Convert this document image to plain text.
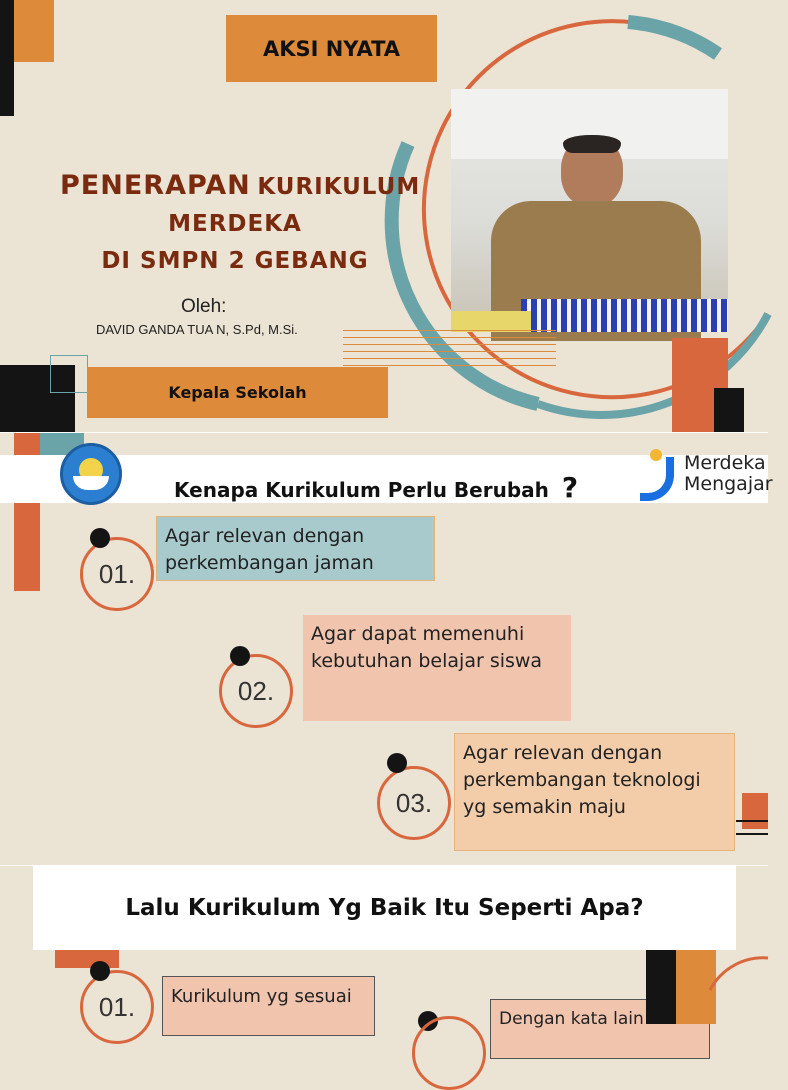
AKSI NYATA
PENERAPAN KURIKULUM
MERDEKA
DI SMPN 2 GEBANG
Oleh:
DAVID GANDA TUA N, S.Pd, M.Si.
Kepala Sekolah
Kenapa Kurikulum Perlu Berubah ?
Merdeka
Mengajar
01.
Agar relevan dengan perkembangan jaman
02.
Agar dapat memenuhi kebutuhan belajar siswa
03.
Agar relevan dengan perkembangan teknologi yg semakin maju
Lalu Kurikulum Yg Baik Itu Seperti Apa?
01.	Kurikulum yg sesuai
Dengan kata lain
